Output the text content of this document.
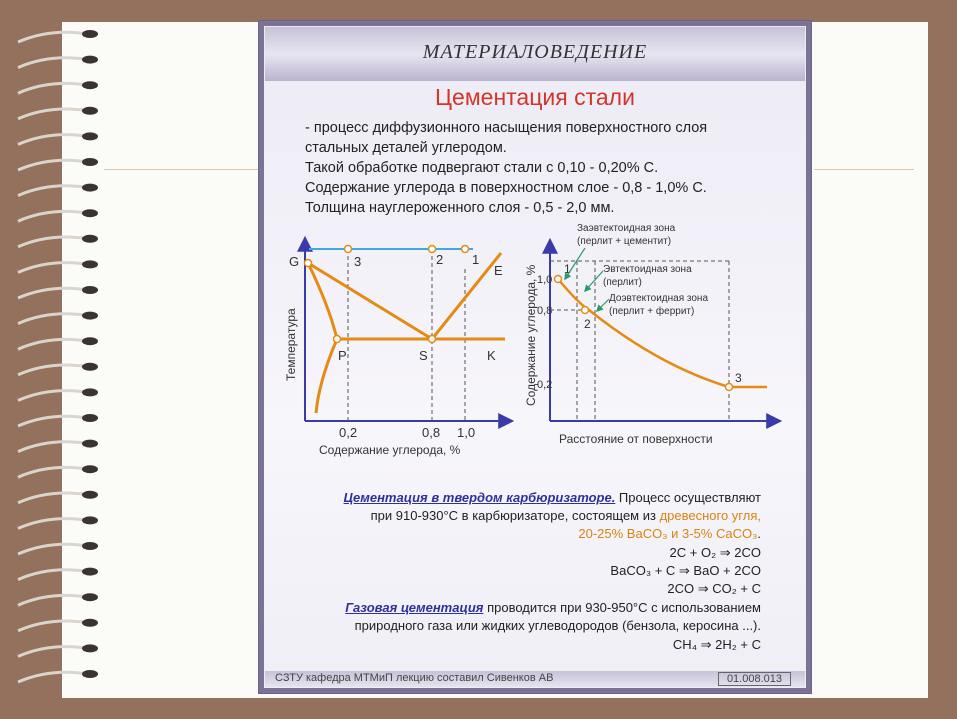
МАТЕРИАЛОВЕДЕНИЕ
Цементация стали
- процесс диффузионного насыщения поверхностного слоя
стальных деталей углеродом.
Такой обработке подвергают стали с 0,10 - 0,20% С.
Содержание углерода в поверхностном слое - 0,8 - 1,0% С.
Толщина науглероженного слоя - 0,5 - 2,0 мм.
G	3	2 1
E
P	S	K
0,2	0,8 1,0
Содержание углерода, %
Температура
1
2
3
1,0
0,8
0,2
Расстояние от поверхности
Содержание углерода, %
Заэвтектоидная зона
(перлит + цементит)
Эвтектоидная зона
(перлит)
Доэвтектоидная зона
(перлит + феррит)
Цементация в твердом карбюризаторе. Процесс осуществляют
при 910-930°С в карбюризаторе, состоящем из древесного угля,
20-25% BaCO₃ и 3-5% CaCO₃.
2C + O₂ ⇒ 2CO
BaCO₃ + C ⇒ BaO + 2CO
2CO ⇒ CO₂ + C
Газовая цементация проводится при 930-950°С с использованием
природного газа или жидких углеводородов (бензола, керосина ...).
CH₄ ⇒ 2H₂ + C
СЗТУ кафедра МТМиП лекцию составил Сивенков АВ	01.008.013
